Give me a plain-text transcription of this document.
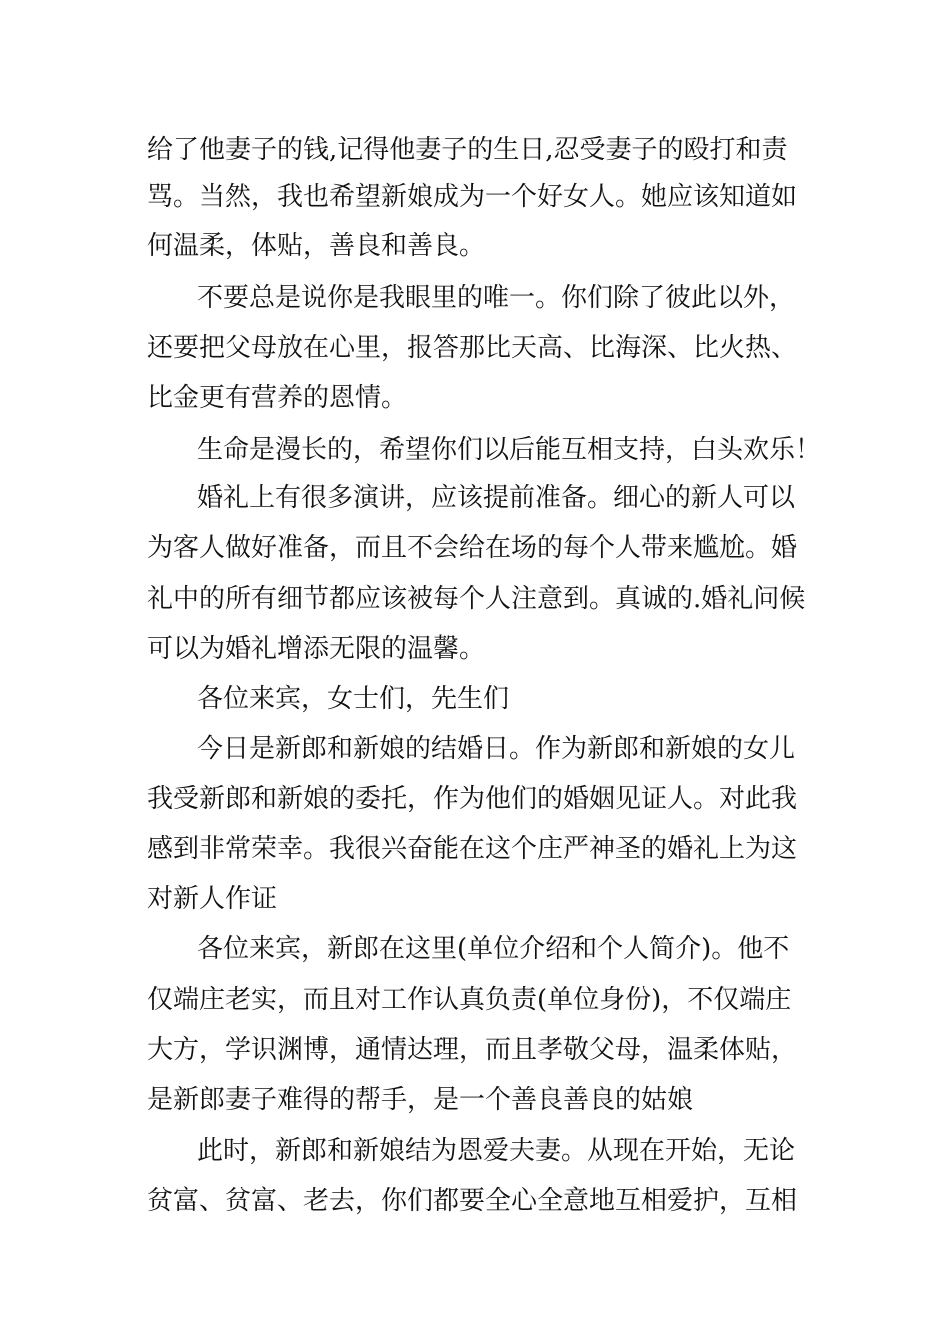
给了他妻子的钱,记得他妻子的生日,忍受妻子的殴打和责
骂。当然，我也希望新娘成为一个好女人。她应该知道如
何温柔，体贴，善良和善良。
不要总是说你是我眼里的唯一。你们除了彼此以外，
还要把父母放在心里，报答那比天高、比海深、比火热、
比金更有营养的恩情。
生命是漫长的，希望你们以后能互相支持，白头欢乐！
婚礼上有很多演讲，应该提前准备。细心的新人可以
为客人做好准备，而且不会给在场的每个人带来尴尬。婚
礼中的所有细节都应该被每个人注意到。真诚的.婚礼问候
可以为婚礼增添无限的温馨。
各位来宾，女士们，先生们
今日是新郎和新娘的结婚日。作为新郎和新娘的女儿
我受新郎和新娘的委托，作为他们的婚姻见证人。对此我
感到非常荣幸。我很兴奋能在这个庄严神圣的婚礼上为这
对新人作证
各位来宾，新郎在这里(单位介绍和个人简介)。他不
仅端庄老实，而且对工作认真负责(单位身份)，不仅端庄
大方，学识渊博，通情达理，而且孝敬父母，温柔体贴，
是新郎妻子难得的帮手，是一个善良善良的姑娘
此时，新郎和新娘结为恩爱夫妻。从现在开始，无论
贫富、贫富、老去，你们都要全心全意地互相爱护，互相
